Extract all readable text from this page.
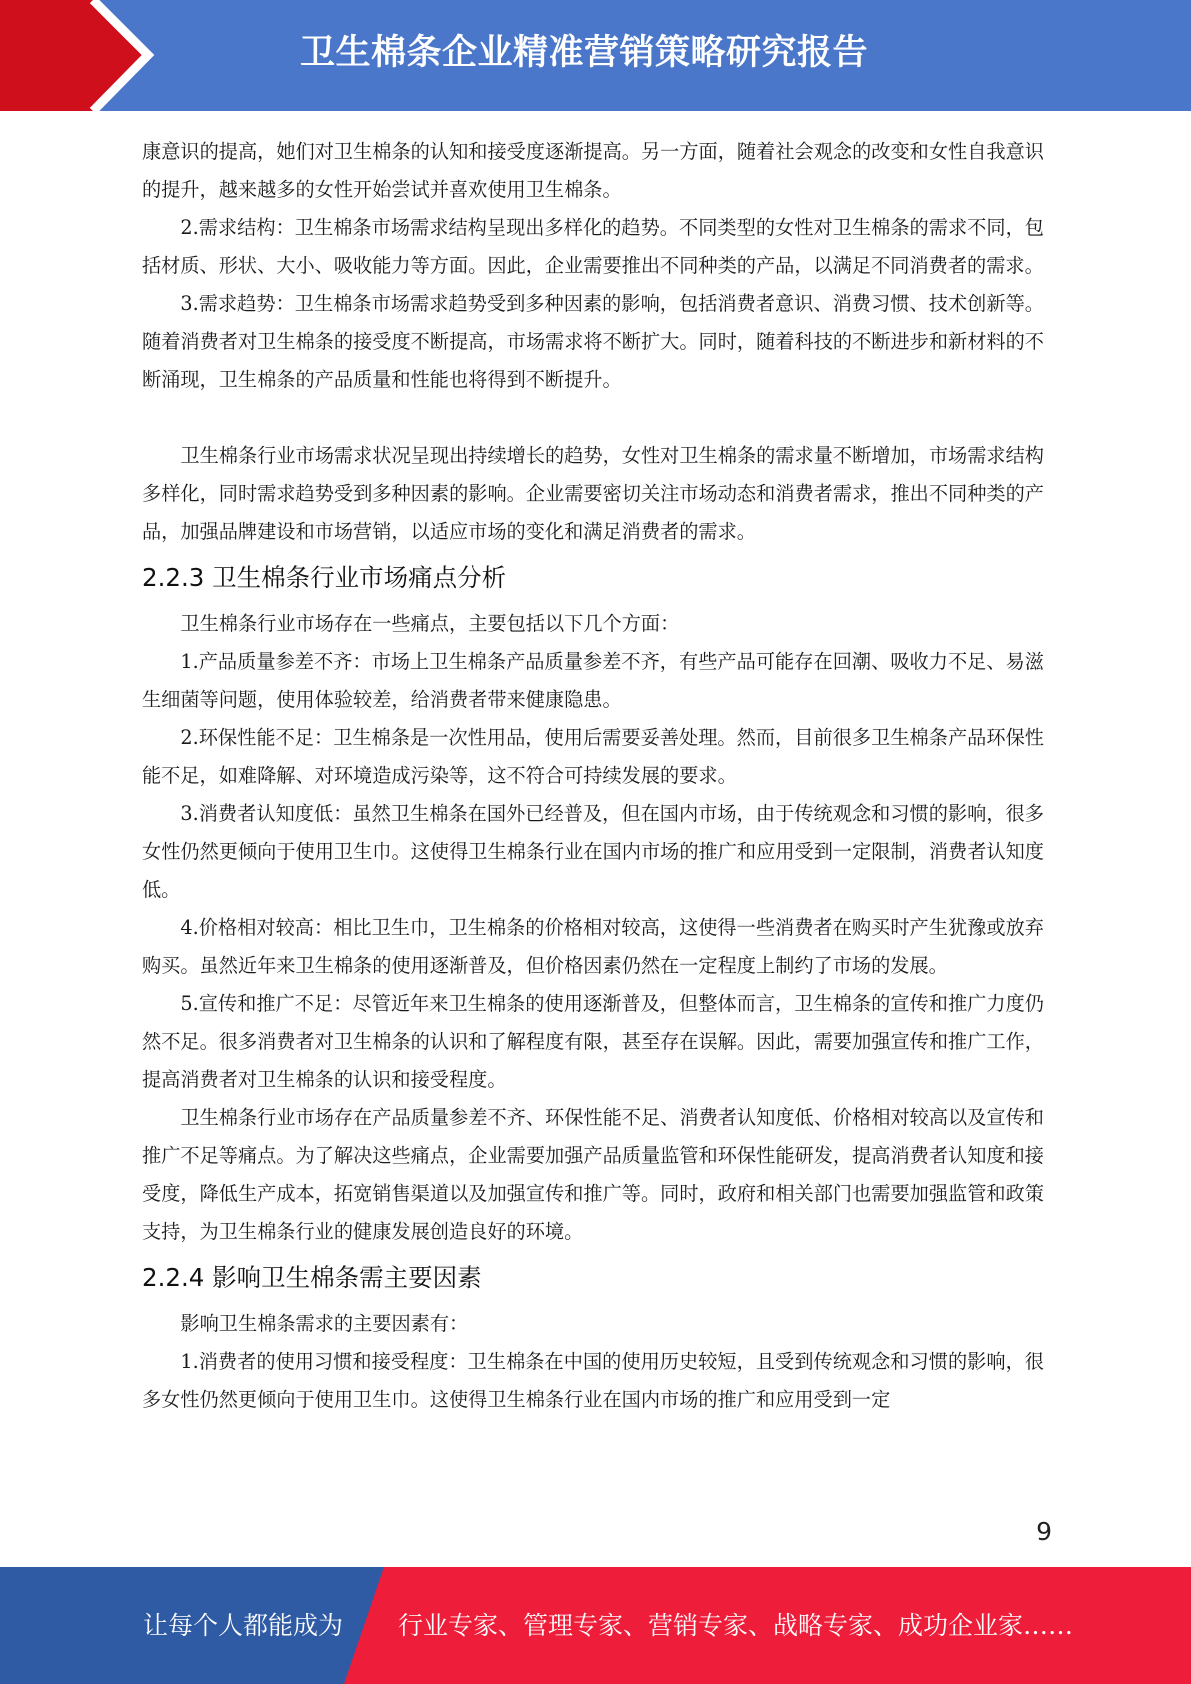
卫生棉条企业精准营销策略研究报告

康意识的提高，她们对卫生棉条的认知和接受度逐渐提高。另一方面，随着社会观念的改变和女性自我意识的提升，越来越多的女性开始尝试并喜欢使用卫生棉条。

2.需求结构：卫生棉条市场需求结构呈现出多样化的趋势。不同类型的女性对卫生棉条的需求不同，包括材质、形状、大小、吸收能力等方面。因此，企业需要推出不同种类的产品，以满足不同消费者的需求。

3.需求趋势：卫生棉条市场需求趋势受到多种因素的影响，包括消费者意识、消费习惯、技术创新等。随着消费者对卫生棉条的接受度不断提高，市场需求将不断扩大。同时，随着科技的不断进步和新材料的不断涌现，卫生棉条的产品质量和性能也将得到不断提升。

卫生棉条行业市场需求状况呈现出持续增长的趋势，女性对卫生棉条的需求量不断增加，市场需求结构多样化，同时需求趋势受到多种因素的影响。企业需要密切关注市场动态和消费者需求，推出不同种类的产品，加强品牌建设和市场营销，以适应市场的变化和满足消费者的需求。

2.2.3 卫生棉条行业市场痛点分析

卫生棉条行业市场存在一些痛点，主要包括以下几个方面：

1.产品质量参差不齐：市场上卫生棉条产品质量参差不齐，有些产品可能存在回潮、吸收力不足、易滋生细菌等问题，使用体验较差，给消费者带来健康隐患。

2.环保性能不足：卫生棉条是一次性用品，使用后需要妥善处理。然而，目前很多卫生棉条产品环保性能不足，如难降解、对环境造成污染等，这不符合可持续发展的要求。

3.消费者认知度低：虽然卫生棉条在国外已经普及，但在国内市场，由于传统观念和习惯的影响，很多女性仍然更倾向于使用卫生巾。这使得卫生棉条行业在国内市场的推广和应用受到一定限制，消费者认知度低。

4.价格相对较高：相比卫生巾，卫生棉条的价格相对较高，这使得一些消费者在购买时产生犹豫或放弃购买。虽然近年来卫生棉条的使用逐渐普及，但价格因素仍然在一定程度上制约了市场的发展。

5.宣传和推广不足：尽管近年来卫生棉条的使用逐渐普及，但整体而言，卫生棉条的宣传和推广力度仍然不足。很多消费者对卫生棉条的认识和了解程度有限，甚至存在误解。因此，需要加强宣传和推广工作，提高消费者对卫生棉条的认识和接受程度。

卫生棉条行业市场存在产品质量参差不齐、环保性能不足、消费者认知度低、价格相对较高以及宣传和推广不足等痛点。为了解决这些痛点，企业需要加强产品质量监管和环保性能研发，提高消费者认知度和接受度，降低生产成本，拓宽销售渠道以及加强宣传和推广等。同时，政府和相关部门也需要加强监管和政策支持，为卫生棉条行业的健康发展创造良好的环境。

2.2.4 影响卫生棉条需主要因素

影响卫生棉条需求的主要因素有：

1.消费者的使用习惯和接受程度：卫生棉条在中国的使用历史较短，且受到传统观念和习惯的影响，很多女性仍然更倾向于使用卫生巾。这使得卫生棉条行业在国内市场的推广和应用受到一定

9
让每个人都能成为 行业专家、管理专家、营销专家、战略专家、成功企业家……
